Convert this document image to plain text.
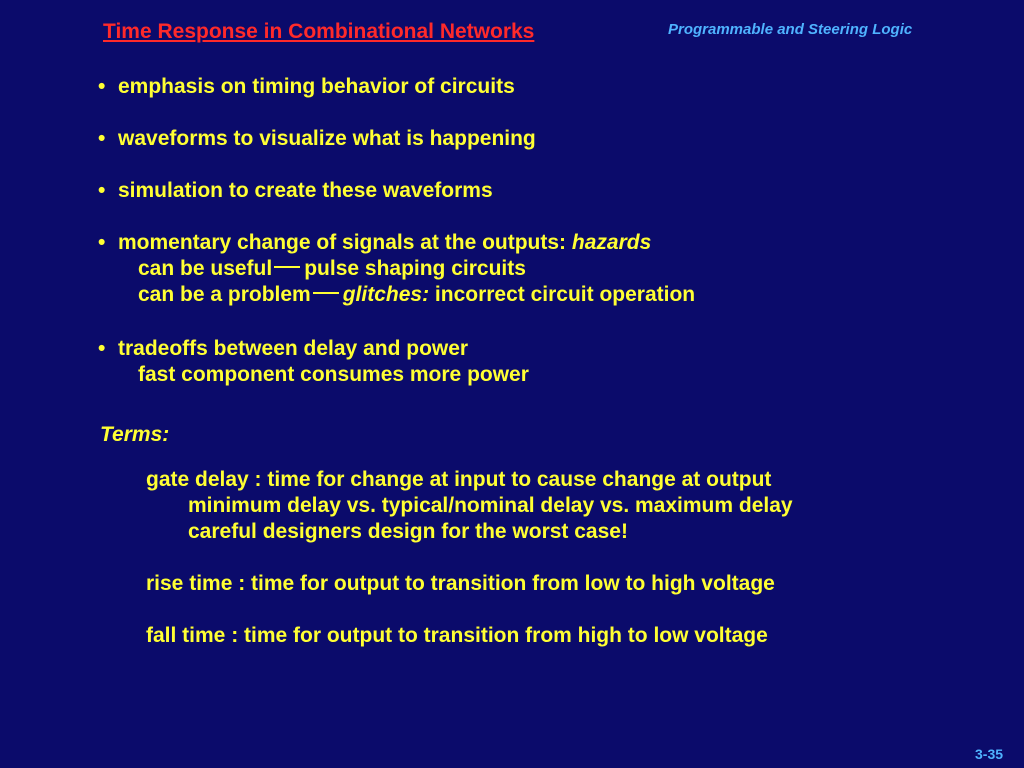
Time Response in Combinational Networks	Programmable and Steering Logic
• emphasis on timing behavior of circuits
• waveforms to visualize what is happening
• simulation to create these waveforms
• momentary change of signals at the outputs: hazards
can be useful pulse shaping circuits
can be a problem glitches: incorrect circuit operation
• tradeoffs between delay and power
fast component consumes more power
Terms:
gate delay : time for change at input to cause change at output
minimum delay vs. typical/nominal delay vs. maximum delay
careful designers design for the worst case!
rise time : time for output to transition from low to high voltage
fall time : time for output to transition from high to low voltage
3-35
